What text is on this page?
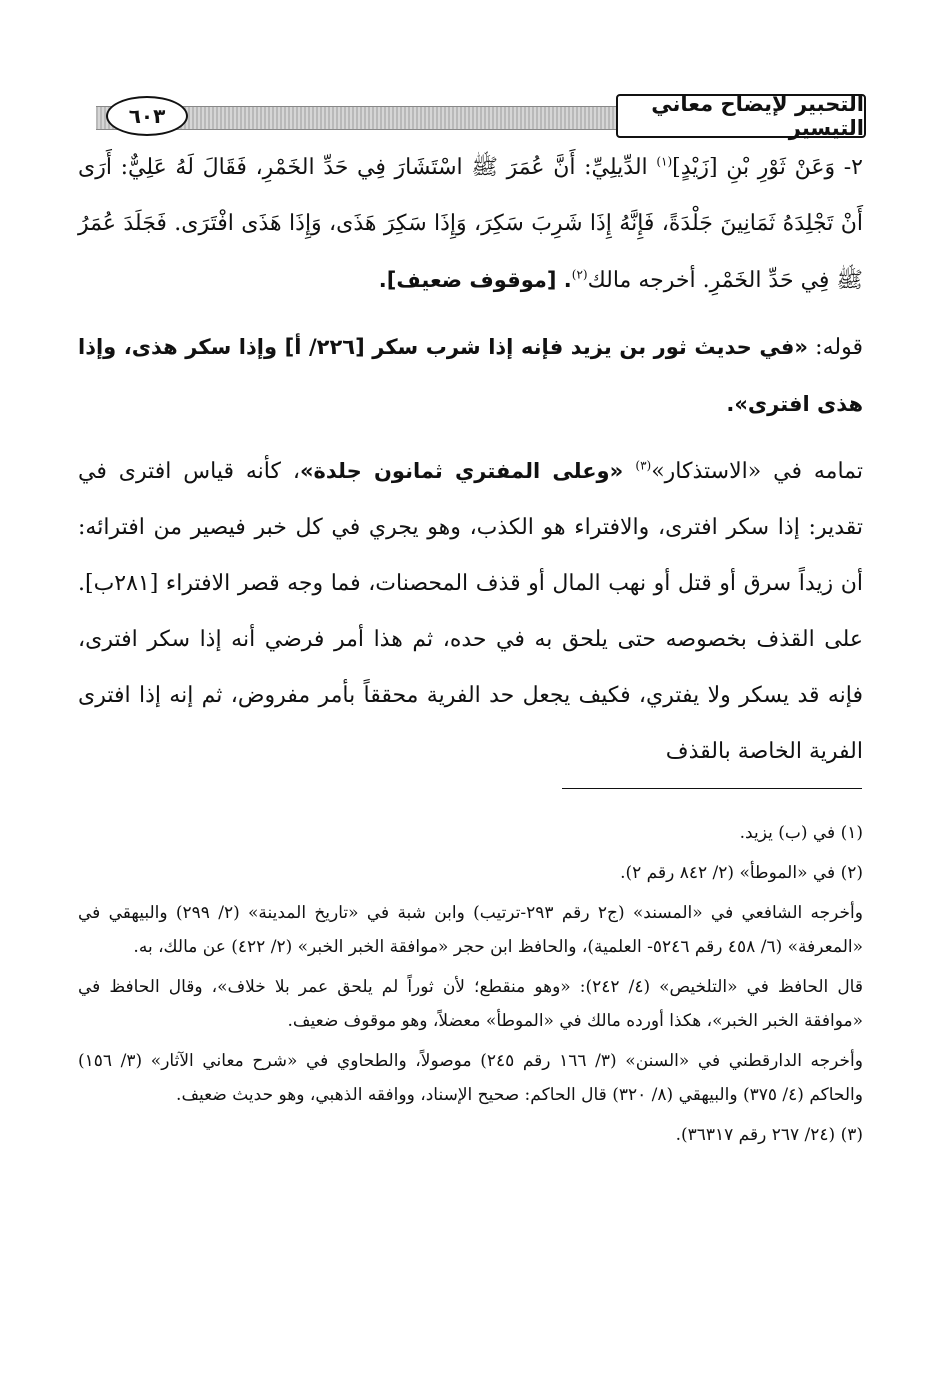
التحبير لإيضاح معاني التيسير
٦٠٣

٢- وَعَنْ ثَوْرِ بْنِ [زَيْدٍ]$^{(١)}$ الدِّيلِيِّ: أَنَّ عُمَرَ ﷺ اسْتَشَارَ فِي حَدِّ الخَمْرِ، فَقَالَ لَهُ عَلِيٌّ: أَرَى أَنْ تَجْلِدَهُ ثَمَانِينَ جَلْدَةً، فَإِنَّهُ إِذَا شَرِبَ سَكِرَ، وَإِذَا سَكِرَ هَذَى، وَإِذَا هَذَى افْتَرَى. فَجَلَدَ عُمَرُ ﷺ فِي حَدِّ الخَمْرِ. أخرجه مالك$^{(٢)}$. [موقوف ضعيف].

قوله: «في حديث ثور بن يزيد فإنه إذا شرب سكر [٢٢٦/ أ] وإذا سكر هذى، وإذا هذى افترى».

تمامه في «الاستذكار»$^{(٣)}$ «وعلى المفتري ثمانون جلدة»، كأنه قياس افترى في تقدير: إذا سكر افترى، والافتراء هو الكذب، وهو يجري في كل خبر فيصير من افترائه: أن زيداً سرق أو قتل أو نهب المال أو قذف المحصنات، فما وجه قصر الافتراء [٢٨١ب]. على القذف بخصوصه حتى يلحق به في حده، ثم هذا أمر فرضي أنه إذا سكر افترى، فإنه قد يسكر ولا يفتري، فكيف يجعل حد الفرية محققاً بأمر مفروض، ثم إنه إذا افترى الفرية الخاصة بالقذف

(١) في (ب) يزيد.

(٢) في «الموطأ» (٢/ ٨٤٢ رقم ٢).

وأخرجه الشافعي في «المسند» (ج٢ رقم ٢٩٣-ترتيب) وابن شبة في «تاريخ المدينة» (٢/ ٢٩٩) والبيهقي في «المعرفة» (٦/ ٤٥٨ رقم ٥٢٤٦- العلمية)، والحافظ ابن حجر «موافقة الخبر الخبر» (٢/ ٤٢٢) عن مالك، به.

قال الحافظ في «التلخيص» (٤/ ٢٤٢): «وهو منقطع؛ لأن ثوراً لم يلحق عمر بلا خلاف»، وقال الحافظ في «موافقة الخبر الخبر»، هكذا أورده مالك في «الموطأ» معضلاً، وهو موقوف ضعيف.

وأخرجه الدارقطني في «السنن» (٣/ ١٦٦ رقم ٢٤٥) موصولاً، والطحاوي في «شرح معاني الآثار» (٣/ ١٥٦) والحاكم (٤/ ٣٧٥) والبيهقي (٨/ ٣٢٠) قال الحاكم: صحيح الإسناد، ووافقه الذهبي، وهو حديث ضعيف.

(٣) (٢٤/ ٢٦٧ رقم ٣٦٣١٧).
